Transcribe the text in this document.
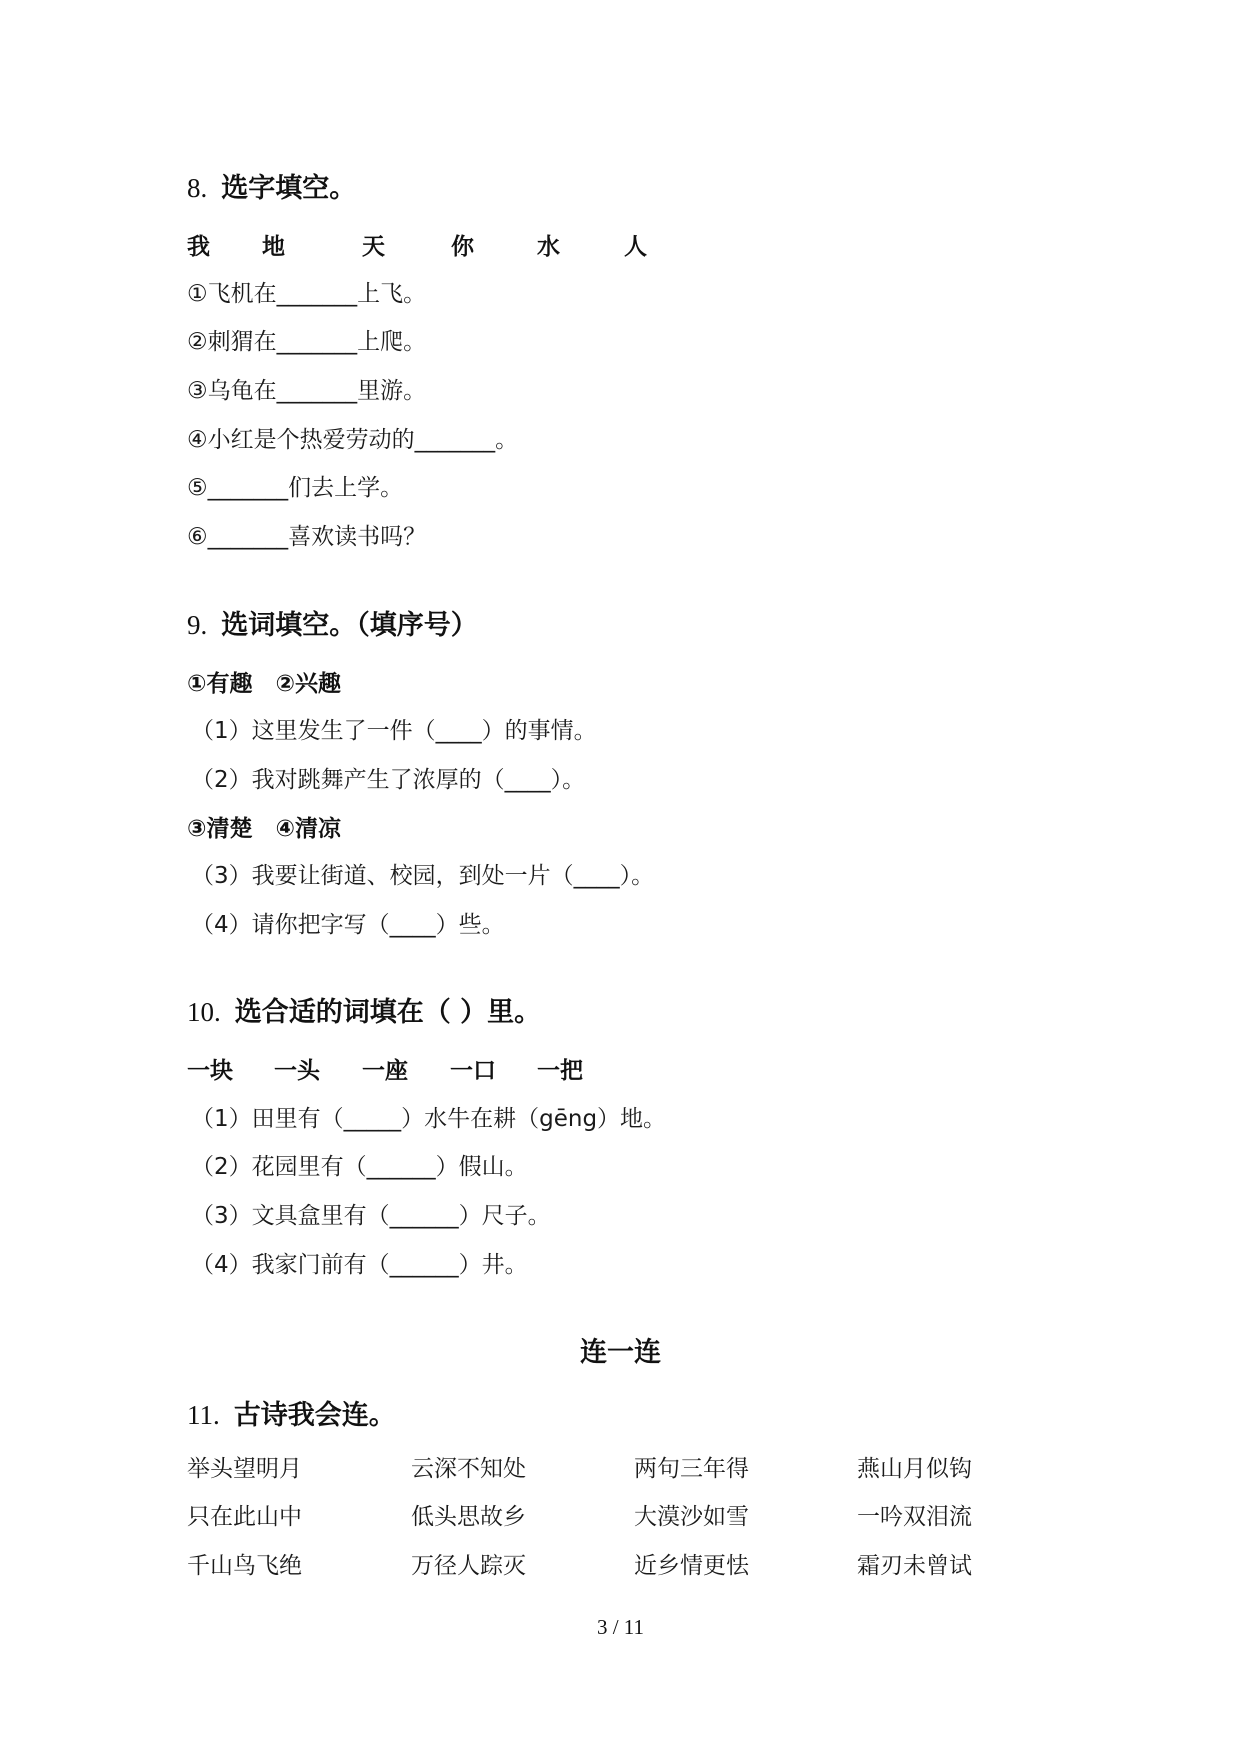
8. 选字填空。
我 地	天	你	水	人
①飞机在_______上飞。
②刺猬在_______上爬。
③乌龟在_______里游。
④小红是个热爱劳动的_______。
⑤_______们去上学。
⑥_______喜欢读书吗？
9. 选词填空。（填序号）
①有趣　②兴趣
（1）这里发生了一件（____）的事情。
（2）我对跳舞产生了浓厚的（____）。
③清楚　④清凉
（3）我要让街道、校园，到处一片（____）。
（4）请你把字写（____）些。
10. 选合适的词填在（ ）里。
一块 一头 一座 一口 一把
（1）田里有（_____）水牛在耕（gēng）地。
（2）花园里有（______）假山。
（3）文具盒里有（______）尺子。
（4）我家门前有（______）井。
连一连
11. 古诗我会连。
举头望明月	云深不知处	两句三年得	燕山月似钩
只在此山中	低头思故乡	大漠沙如雪	一吟双泪流
千山鸟飞绝	万径人踪灭	近乡情更怯	霜刃未曾试
3 / 11
